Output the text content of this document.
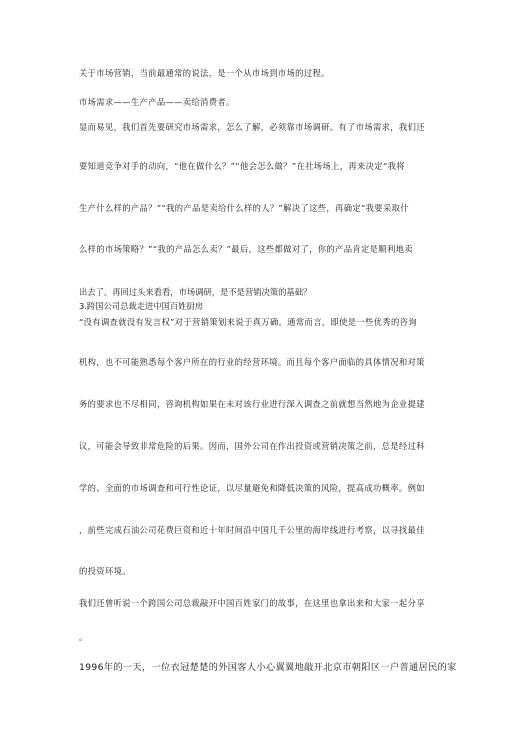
关于市场营销，当前最通常的说法，是一个从市场到市场的过程。

市场需求——生产产品——卖给消费者。

显而易见，我们首先要研究市场需求，怎么了解，必须靠市场调研。有了市场需求，我们还

要知道竞争对手的动向，“他在做什么？”“他会怎么做？”在社场场上，再来决定“我将

生产什么样的产品？”“我的产品是卖给什么样的人？”解决了这些，再确定“我要采取什

么样的市场策略？”“我的产品怎么卖？”最后，这些都做对了，你的产品肯定是顺利地卖

出去了。再回过头来看看，市场调研，是不是营销决策的基础？

3.跨国公司总裁走进中国百姓厨房

“没有调查就没有发言权”对于营销策划来说于真万确。通常而言，即使是一些优秀的咨询

机构，也不可能熟悉每个客户所在的行业的经营环境。而且每个客户面临的具体情况和对策

务的要求也不尽相同，咨询机构如果在未对该行业进行深入调查之前就想当然地为企业提建

议，可能会导致非常危险的后果。因而，国外公司在作出投资或营销决策之前，总是经过科

学的、全面的市场调查和可行性论证，以尽量避免和降低决策的风险，提高成功概率。例如

，前些完成石油公司花费巨资和近十年时间沿中国几千公里的海岸线进行考察，以寻找最佳

的投资环境。

我们还曾听说一个跨国公司总裁敲开中国百姓家门的故事，在这里也拿出来和大家一起分享

。

1996年的一天，一位衣冠楚楚的外国客人小心翼翼地敲开北京市朝阳区一户普通居民的家
